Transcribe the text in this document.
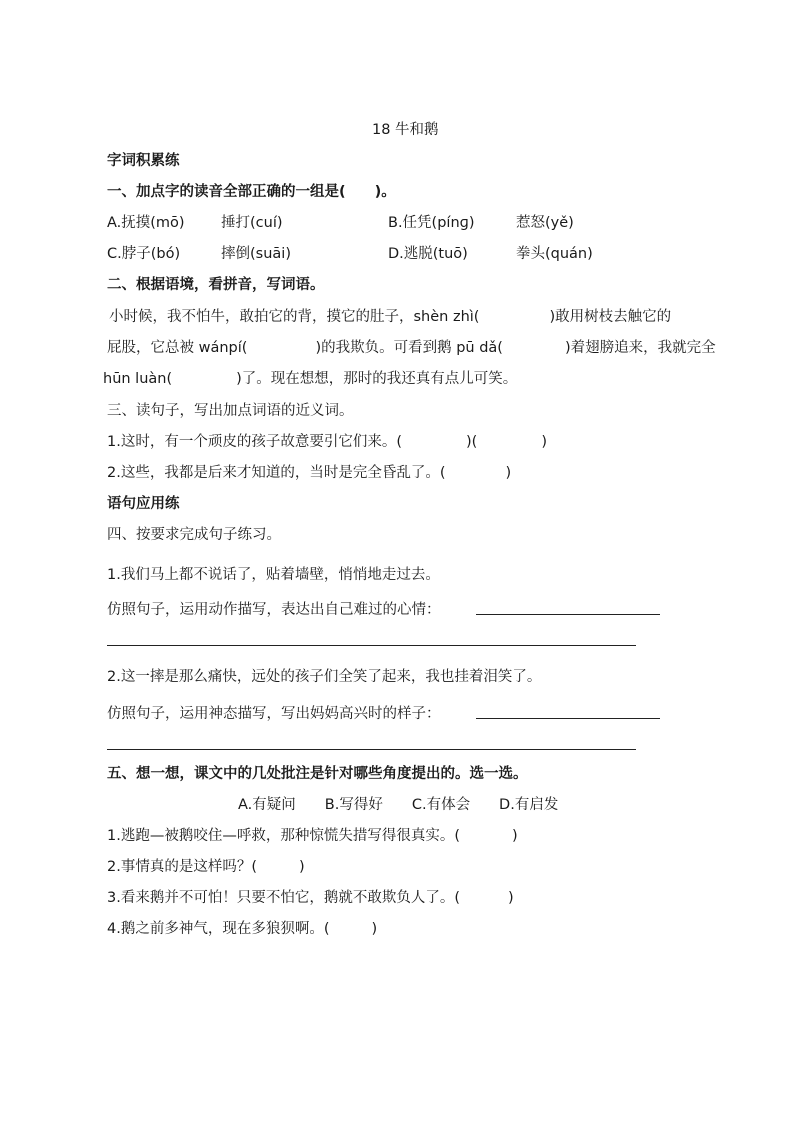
18 牛和鹅
字词积累练
一、加点字的读音全部正确的一组是(　　)。
A.抚摸(mō)	捶打(cuí)	B.任凭(pínɡ)	惹怒(yě)
C.脖子(bó)	摔倒(suāi)	D.逃脱(tuō)	拳头(quán)
二、根据语境，看拼音，写词语。
小时候，我不怕牛，敢拍它的背，摸它的肚子，shèn zhì(	)敢用树枝去触它的
屁股，它总被 wánpí(	)的我欺负。可看到鹅 pū dǎ(	)着翅膀追来，我就完全
hūn luàn(	)了。现在想想，那时的我还真有点儿可笑。
三、读句子，写出加点词语的近义词。
1.这时，有一个顽皮的孩子故意要引它们来。(	)(	)
2.这些，我都是后来才知道的，当时是完全昏乱了。(	)
语句应用练
四、按要求完成句子练习。
1.我们马上都不说话了，贴着墙壁，悄悄地走过去。
仿照句子，运用动作描写，表达出自己难过的心情：
2.这一摔是那么痛快，远处的孩子们全笑了起来，我也挂着泪笑了。
仿照句子，运用神态描写，写出妈妈高兴时的样子：
五、想一想，课文中的几处批注是针对哪些角度提出的。选一选。
A.有疑问　　B.写得好　　C.有体会　　D.有启发
1.逃跑—被鹅咬住—呼救，那种惊慌失措写得很真实。(	)
2.事情真的是这样吗？(	)
3.看来鹅并不可怕！只要不怕它，鹅就不敢欺负人了。(	)
4.鹅之前多神气，现在多狼狈啊。(	)
